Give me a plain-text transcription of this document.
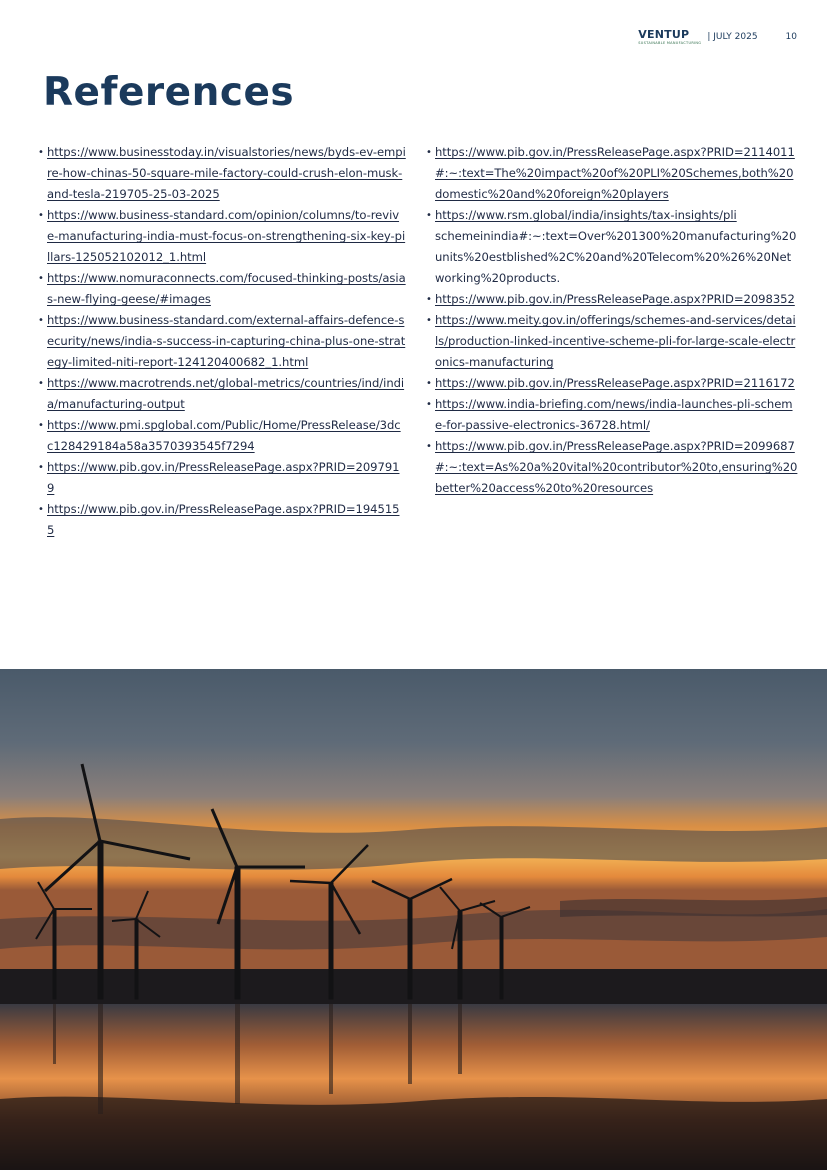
VENTUP
SUSTAINABLE MANUFACTURING
| JULY 2025	10
References
• https://www.businesstoday.in/visualstories/news/byds-ev-empire-how-chinas-50-square-mile-factory-could-crush-elon-musk-and-tesla-219705-25-03-2025
• https://www.business-standard.com/opinion/columns/to-revive-manufacturing-india-must-focus-on-strengthening-six-key-pillars-125052102012_1.html
• https://www.nomuraconnects.com/focused-thinking-posts/asias-new-flying-geese/#images
• https://www.business-standard.com/external-affairs-defence-security/news/india-s-success-in-capturing-china-plus-one-strategy-limited-niti-report-124120400682_1.html
• https://www.macrotrends.net/global-metrics/countries/ind/india/manufacturing-output
• https://www.pmi.spglobal.com/Public/Home/PressRelease/3dcc128429184a58a3570393545f7294
• https://www.pib.gov.in/PressReleasePage.aspx?PRID=2097919
• https://www.pib.gov.in/PressReleasePage.aspx?PRID=1945155
• https://www.pib.gov.in/PressReleasePage.aspx?PRID=2114011#:~:text=The%20impact%20of%20PLI%20Schemes,both%20domestic%20and%20foreign%20players
• https://www.rsm.global/india/insights/tax-insights/pli
schemeinindia#:~:text=Over%201300%20manufacturing%20units%20estblished%2C%20and%20Telecom%20%26%20Networking%20products.
• https://www.pib.gov.in/PressReleasePage.aspx?PRID=2098352
• https://www.meity.gov.in/offerings/schemes-and-services/details/production-linked-incentive-scheme-pli-for-large-scale-electronics-manufacturing
• https://www.pib.gov.in/PressReleasePage.aspx?PRID=2116172
• https://www.india-briefing.com/news/india-launches-pli-scheme-for-passive-electronics-36728.html/
• https://www.pib.gov.in/PressReleasePage.aspx?PRID=2099687#:~:text=As%20a%20vital%20contributor%20to,ensuring%20better%20access%20to%20resources
